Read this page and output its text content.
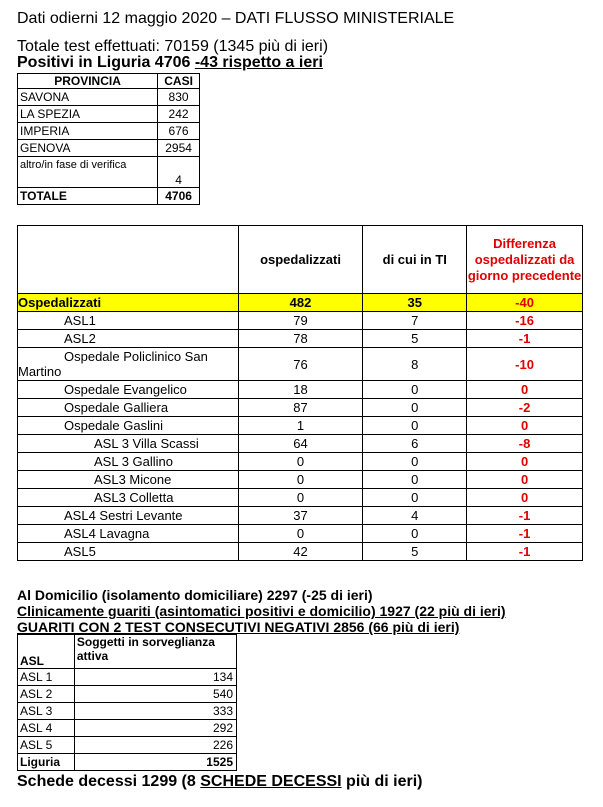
Dati odierni 12 maggio 2020 – DATI FLUSSO MINISTERIALE
Totale test effettuati: 70159 (1345 più di ieri)
Positivi in Liguria 4706 -43 rispetto a ieri
PROVINCIA	CASI
SAVONA	830
LA SPEZIA	242
IMPERIA	676
GENOVA	2954
altro/in fase di verifica	4
TOTALE	4706
	ospedalizzati	di cui in TI	Differenza ospedalizzati da giorno precedente
Ospedalizzati	482	35	-40
ASL1	79	7	-16
ASL2	78	5	-1
Ospedale Policlinico San Martino	76	8	-10
Ospedale Evangelico	18	0	0
Ospedale Galliera	87	0	-2
Ospedale Gaslini	1	0	0
ASL 3 Villa Scassi	64	6	-8
ASL 3 Gallino	0	0	0
ASL3 Micone	0	0	0
ASL3 Colletta	0	0	0
ASL4 Sestri Levante	37	4	-1
ASL4 Lavagna	0	0	-1
ASL5	42	5	-1
Al Domicilio (isolamento domiciliare) 2297 (-25 di ieri)
Clinicamente guariti (asintomatici positivi e domicilio) 1927 (22 più di ieri)
GUARITI CON 2 TEST CONSECUTIVI NEGATIVI 2856 (66 più di ieri)
ASL	Soggetti in sorveglianza attiva
ASL 1	134
ASL 2	540
ASL 3	333
ASL 4	292
ASL 5	226
Liguria	1525
Schede decessi 1299 (8 SCHEDE DECESSI più di ieri)
